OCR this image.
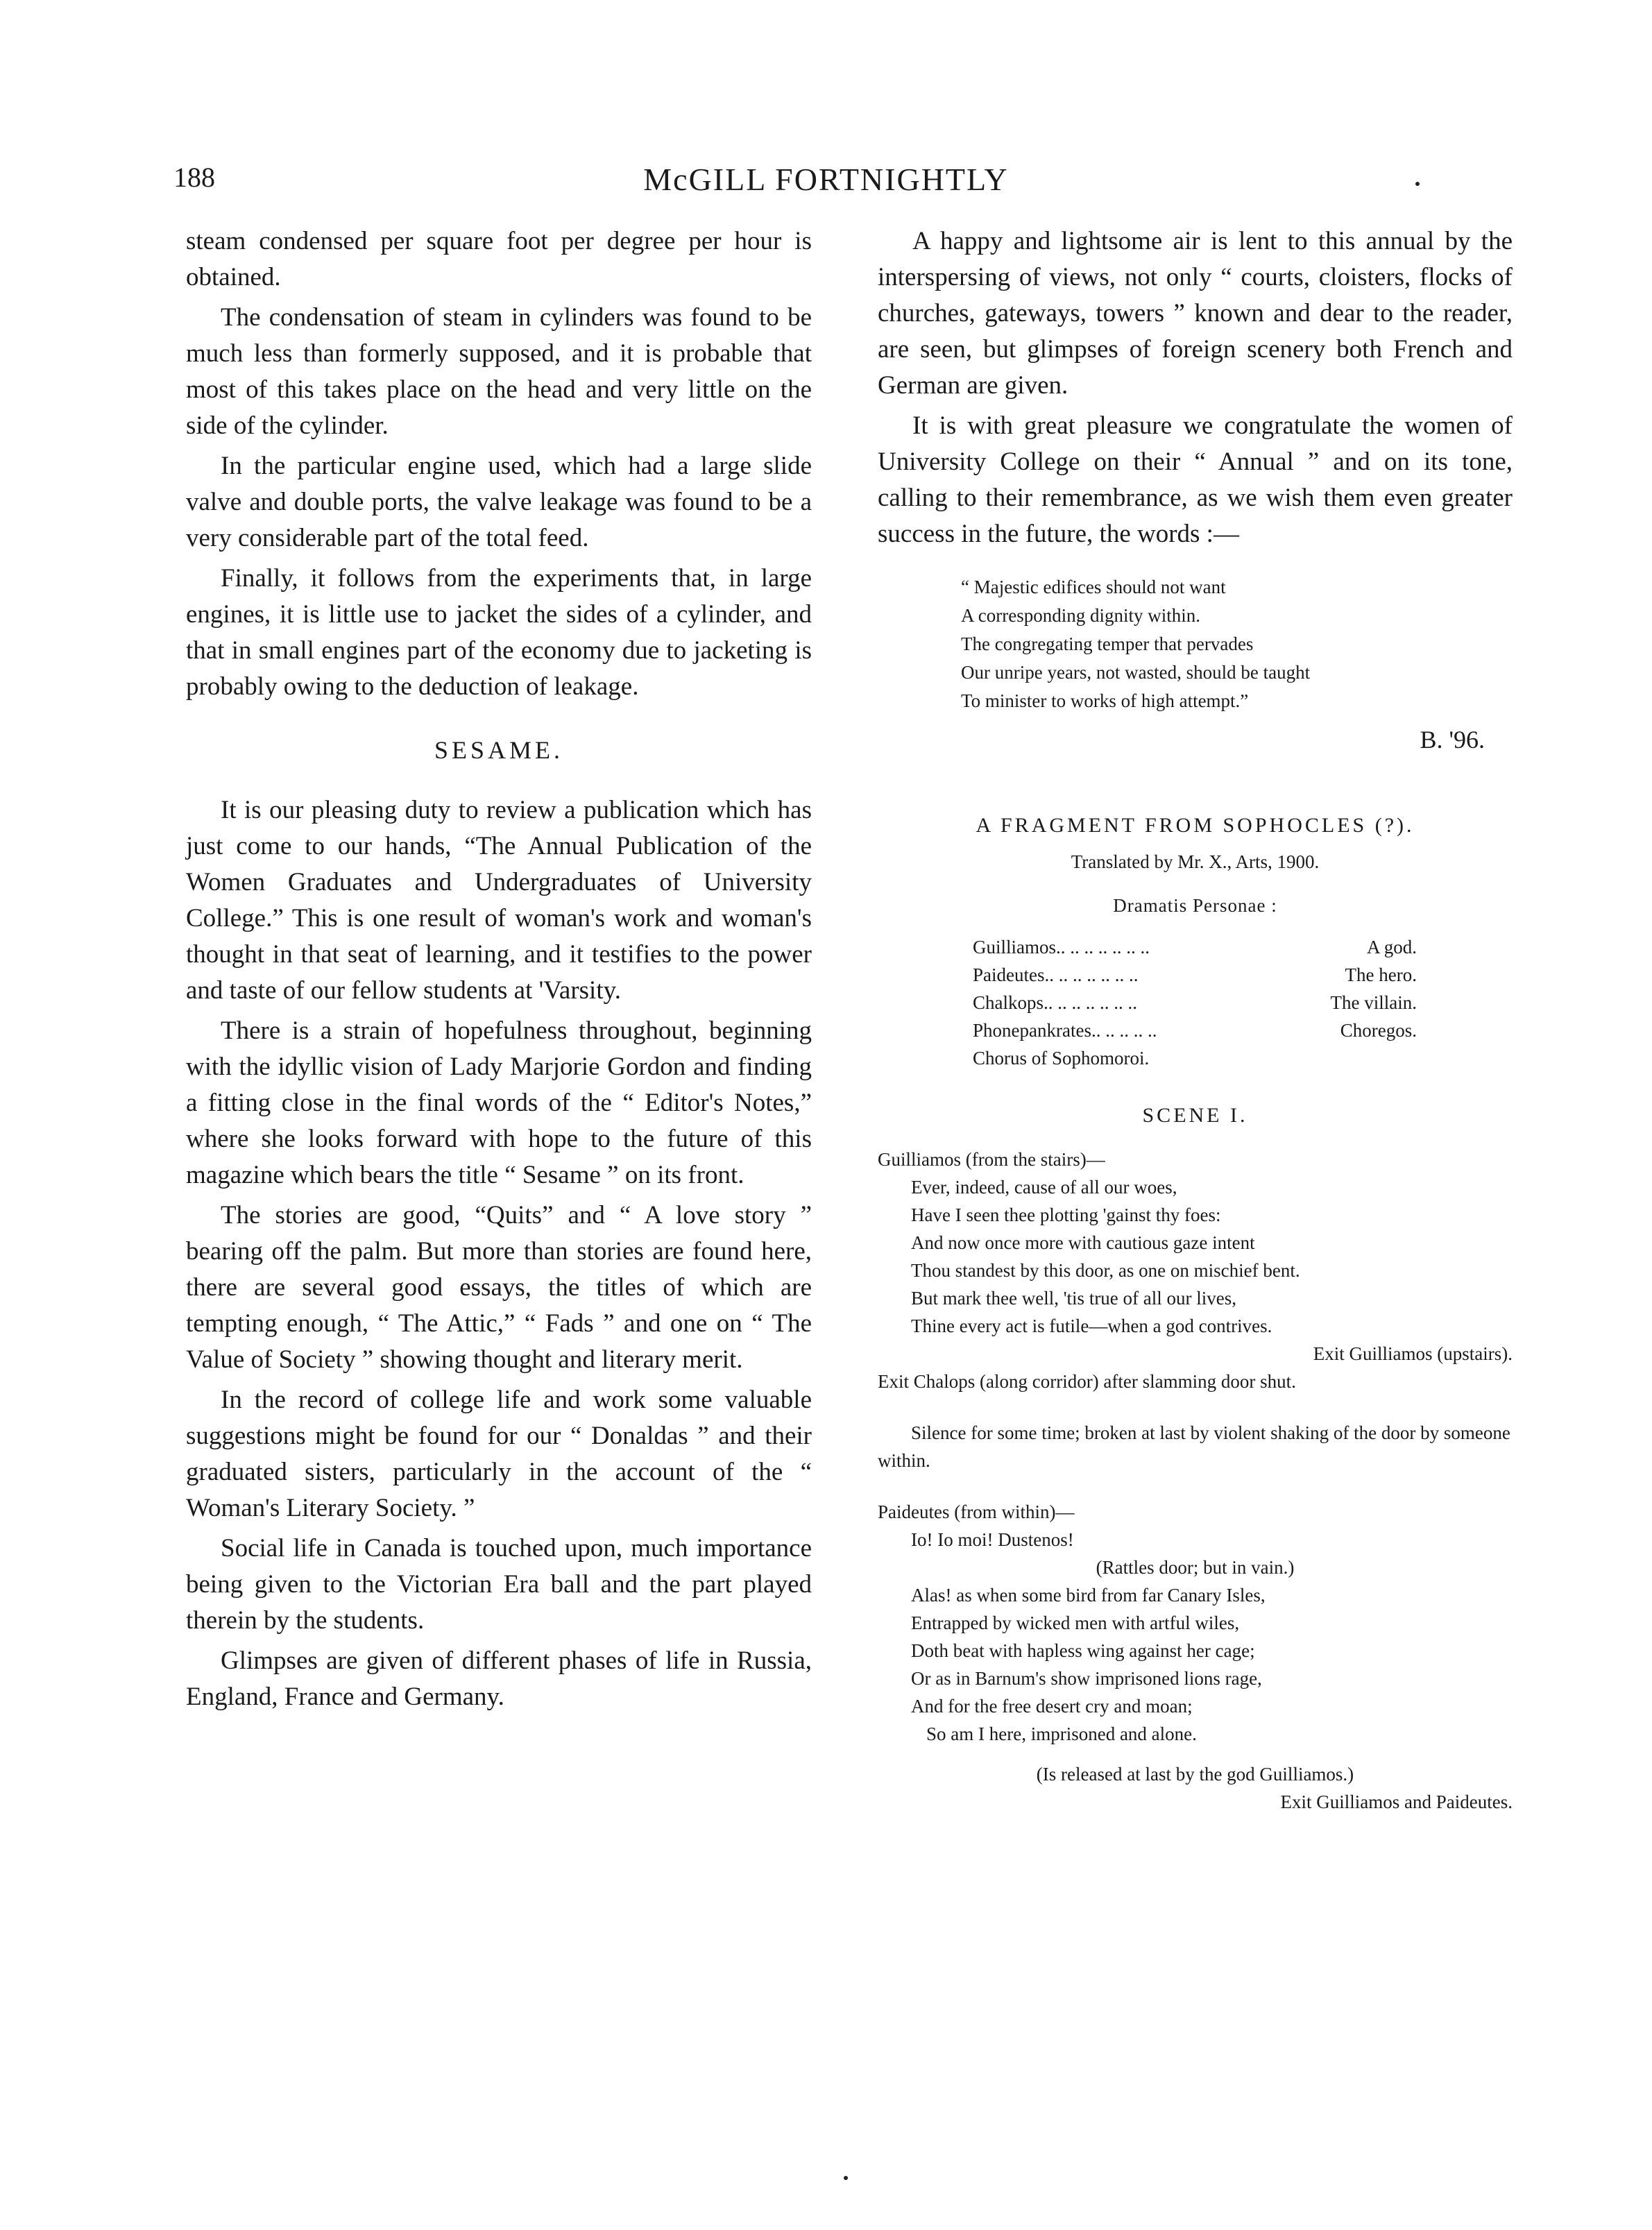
188	McGILL FORTNIGHTLY

steam condensed per square foot per degree per hour is obtained.

The condensation of steam in cylinders was found to be much less than formerly supposed, and it is probable that most of this takes place on the head and very little on the side of the cylinder.

In the particular engine used, which had a large slide valve and double ports, the valve leakage was found to be a very considerable part of the total feed.

Finally, it follows from the experiments that, in large engines, it is little use to jacket the sides of a cylinder, and that in small engines part of the economy due to jacketing is probably owing to the deduction of leakage.

SESAME.

It is our pleasing duty to review a publication which has just come to our hands, “The Annual Publication of the Women Graduates and Undergraduates of University College.” This is one result of woman's work and woman's thought in that seat of learning, and it testifies to the power and taste of our fellow students at 'Varsity.

There is a strain of hopefulness throughout, beginning with the idyllic vision of Lady Marjorie Gordon and finding a fitting close in the final words of the “ Editor's Notes,” where she looks forward with hope to the future of this magazine which bears the title “ Sesame ” on its front.

The stories are good, “Quits” and “ A love story ” bearing off the palm. But more than stories are found here, there are several good essays, the titles of which are tempting enough, “ The Attic,” “ Fads ” and one on “ The Value of Society ” showing thought and literary merit.

In the record of college life and work some valuable suggestions might be found for our “ Donaldas ” and their graduated sisters, particularly in the account of the “ Woman's Literary Society. ”

Social life in Canada is touched upon, much importance being given to the Victorian Era ball and the part played therein by the students.

Glimpses are given of different phases of life in Russia, England, France and Germany.

A happy and lightsome air is lent to this annual by the interspersing of views, not only “ courts, cloisters, flocks of churches, gateways, towers ” known and dear to the reader, are seen, but glimpses of foreign scenery both French and German are given.

It is with great pleasure we congratulate the women of University College on their “ Annual ” and on its tone, calling to their remembrance, as we wish them even greater success in the future, the words :—

“ Majestic edifices should not want
A corresponding dignity within.
The congregating temper that pervades
Our unripe years, not wasted, should be taught
To minister to works of high attempt.”
B. '96.
A FRAGMENT FROM SOPHOCLES (?).
Translated by Mr. X., Arts, 1900.
Dramatis Personae :
Guilliamos.. .. .. .. .. .. ..	A god.
Paideutes.. .. .. .. .. .. ..	The hero.
Chalkops.. .. .. .. .. .. ..	The villain.
Phonepankrates.. .. .. .. ..	Choregos.
Chorus of Sophomoroi.
SCENE I.
Guilliamos (from the stairs)—
Ever, indeed, cause of all our woes,
Have I seen thee plotting 'gainst thy foes:
And now once more with cautious gaze intent
Thou standest by this door, as one on mischief bent.
But mark thee well, 'tis true of all our lives,
Thine every act is futile—when a god contrives.
Exit Guilliamos (upstairs).
Exit Chalops (along corridor) after slamming door shut.
Silence for some time; broken at last by violent shaking of the door by someone within.
Paideutes (from within)—
Io! Io moi! Dustenos!
(Rattles door; but in vain.)
Alas! as when some bird from far Canary Isles,
Entrapped by wicked men with artful wiles,
Doth beat with hapless wing against her cage;
Or as in Barnum's show imprisoned lions rage,
And for the free desert cry and moan;
So am I here, imprisoned and alone.
(Is released at last by the god Guilliamos.)
Exit Guilliamos and Paideutes.
